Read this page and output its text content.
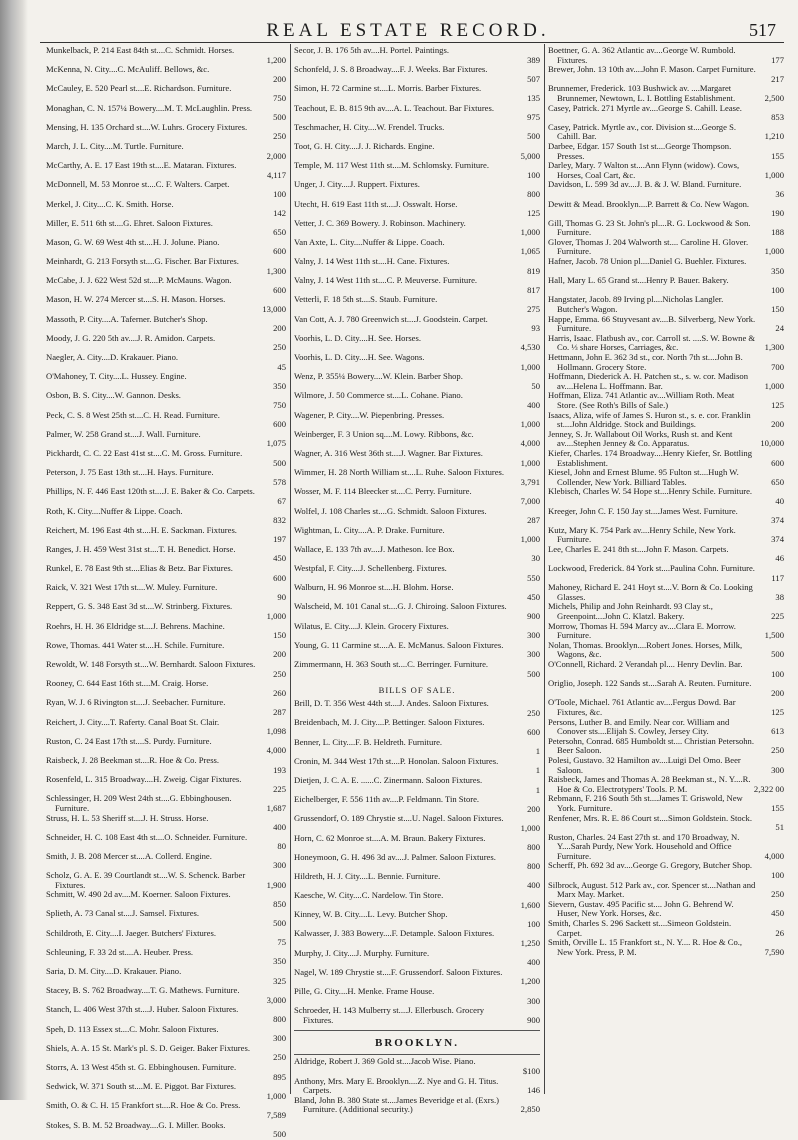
REAL ESTATE RECORD.	517
Munkelback, P. 214 East 84th st....C. Schmidt. Horses.
1,200
McKenna, N. City....C. McAuliff. Bellows, &c.
200
McCauley, E. 520 Pearl st....E. Richardson. Furniture.
750
Monaghan, C. N. 157¼ Bowery....M. T. McLaughlin. Press.
500
Mensing, H. 135 Orchard st....W. Luhrs. Grocery Fixtures.
250
March, J. L. City....M. Turtle. Furniture.
2,000
McCarthy, A. E. 17 East 19th st....E. Mataran. Fixtures.
4,117
McDonnell, M. 53 Monroe st....C. F. Walters. Carpet.
100
Merkel, J. City....C. K. Smith. Horse.
142
Miller, E. 511 6th st....G. Ehret. Saloon Fixtures.
650
Mason, G. W. 69 West 4th st....H. J. Jolune. Piano.
600
Meinhardt, G. 213 Forsyth st....G. Fischer. Bar Fixtures.
1,300
McCabe, J. J. 622 West 52d st....P. McMauns. Wagon.
600
Mason, H. W. 274 Mercer st....S. H. Mason. Horses.
13,000
Massoth, P. City....A. Taferner. Butcher's Shop.
200
Moody, J. G. 220 5th av....J. R. Amidon. Carpets.
250
Naegler, A. City....D. Krakauer. Piano.
45
O'Mahoney, T. City....L. Hussey. Engine.
350
Osbon, B. S. City....W. Gannon. Desks.
750
Peck, C. S. 8 West 25th st....C. H. Read. Furniture.
600
Palmer, W. 258 Grand st....J. Wall. Furniture.
1,075
Pickhardt, C. C. 22 East 41st st....C. M. Gross. Furniture.
500
Peterson, J. 75 East 13th st....H. Hays. Furniture.
578
Phillips, N. F. 446 East 120th st....J. E. Baker & Co. Carpets.
67
Roth, K. City....Nuffer & Lippe. Coach.
832
Reichert, M. 196 East 4th st....H. E. Sackman. Fixtures.
197
Ranges, J. H. 459 West 31st st....T. H. Benedict. Horse.
450
Runkel, E. 78 East 9th st....Elias & Betz. Bar Fixtures.
600
Raick, V. 321 West 17th st....W. Muley. Furniture.
90
Reppert, G. S. 348 East 3d st....W. Strinberg. Fixtures.
1,000
Roehrs, H. H. 36 Eldridge st....J. Behrens. Machine.
150
Rowe, Thomas. 441 Water st....H. Schile. Furniture.
200
Rewoldt, W. 148 Forsyth st....W. Bernhardt. Saloon Fixtures.
250
Rooney, C. 644 East 16th st....M. Craig. Horse.
260
Ryan, W. J. 6 Rivington st....J. Seebacher. Furniture.
287
Reichert, J. City....T. Raferty. Canal Boat St. Clair.
1,098
Ruston, C. 24 East 17th st....S. Purdy. Furniture.
4,000
Raisbeck, J. 28 Beekman st....R. Hoe & Co. Press.
193
Rosenfeld, L. 315 Broadway....H. Zweig. Cigar Fixtures.
225
Schlessinger, H. 209 West 24th st....G. Ebbinghousen. Furniture.	1,687
Struss, H. L. 53 Sheriff st....J. H. Struss. Horse.
400
Schneider, H. C. 108 East 4th st....O. Schneider. Furniture.
80
Smith, J. B. 208 Mercer st....A. Collerd. Engine.
300
Scholz, G. A. E. 39 Courtlandt st....W. S. Schenck. Barber Fixtures.	1,900
Schmitt, W. 490 2d av....M. Koerner. Saloon Fixtures.
850
Splieth, A. 73 Canal st....J. Samsel. Fixtures.
500
Schildroth, E. City....I. Jaeger. Butchers' Fixtures.
75
Schleuning, F. 33 2d st....A. Heuber. Press.
350
Saria, D. M. City....D. Krakauer. Piano.
325
Stacey, B. S. 762 Broadway....T. G. Mathews. Furniture.
3,000
Stanch, L. 406 West 37th st....J. Huber. Saloon Fixtures.
800
Speh, D. 113 Essex st....C. Mohr. Saloon Fixtures.
300
Shiels, A. A. 15 St. Mark's pl. S. D. Geiger. Baker Fixtures.
250
Storrs, A. 13 West 45th st. G. Ebbinghousen. Furniture.
895
Sedwick, W. 371 South st....M. E. Piggot. Bar Fixtures.
1,000
Smith, O. & C. H. 15 Frankfort st....R. Hoe & Co. Press.
7,589
Stokes, S. B. M. 52 Broadway....G. I. Miller. Books.
500
Secor, J. B. 176 5th av....H. Portel. Paintings.
389
Schonfeld, J. S. 8 Broadway....F. J. Weeks. Bar Fixtures.
507
Simon, H. 72 Carmine st....L. Morris. Barber Fixtures.
135
Teachout, E. B. 815 9th av....A. L. Teachout. Bar Fixtures.
975
Teschmacher, H. City....W. Frendel. Trucks.
500
Toot, G. H. City....J. J. Richards. Engine.
5,000
Temple, M. 117 West 11th st....M. Schlomsky. Furniture.
100
Unger, J. City....J. Ruppert. Fixtures.
800
Utecht, H. 619 East 11th st....J. Osswalt. Horse.
125
Vetter, J. C. 369 Bowery. J. Robinson. Machinery.
1,000
Van Axte, L. City....Nuffer & Lippe. Coach.
1,065
Valny, J. 14 West 11th st....H. Cane. Fixtures.
819
Valny, J. 14 West 11th st....C. P. Meuverse. Furniture.
817
Vetterli, F. 18 5th st....S. Staub. Furniture.
275
Van Cott, A. J. 780 Greenwich st....J. Goodstein. Carpet.
93
Voorhis, L. D. City....H. See. Horses.
4,530
Voorhis, L. D. City....H. See. Wagons.
1,000
Wenz, P. 355¼ Bowery....W. Klein. Barber Shop.
50
Wilmore, J. 50 Commerce st....L. Cohane. Piano.
400
Wagener, P. City....W. Piepenbring. Presses.
1,000
Weinberger, F. 3 Union sq....M. Lowy. Ribbons, &c.
4,000
Wagner, A. 316 West 36th st....J. Wagner. Bar Fixtures.
1,000
Wimmer, H. 28 North William st....L. Ruhe. Saloon Fixtures.
3,791
Wosser, M. F. 114 Bleecker st....C. Perry. Furniture.
7,000
Wolfel, J. 108 Charles st....G. Schmidt. Saloon Fixtures.
287
Wightman, L. City....A. P. Drake. Furniture.
1,000
Wallace, E. 133 7th av....J. Matheson. Ice Box.
30
Westpfal, F. City....J. Schellenberg. Fixtures.
550
Walburn, H. 96 Monroe st....H. Blohm. Horse.
450
Walscheid, M. 101 Canal st....G. J. Chiroing. Saloon Fixtures.
900
Wilatus, E. City....J. Klein. Grocery Fixtures.
300
Young, G. 11 Carmine st....A. E. McManus. Saloon Fixtures.
300
Zimmermann, H. 363 South st....C. Berringer. Furniture.
500
BILLS OF SALE.
Brill, D. T. 356 West 44th st....J. Andes. Saloon Fixtures.
250
Breidenbach, M. J. City....P. Bettinger. Saloon Fixtures.
600
Benner, L. City....F. B. Heldreth. Furniture.
1
Cronin, M. 344 West 17th st....P. Honolan. Saloon Fixtures.
1
Dietjen, J. C. A. E. ......C. Zinermann. Saloon Fixtures.
1
Eichelberger, F. 556 11th av....P. Feldmann. Tin Store.
200
Grussendorf, O. 189 Chrystie st....U. Nagel. Saloon Fixtures.
1,000
Horn, C. 62 Monroe st....A. M. Braun. Bakery Fixtures.
800
Honeymoon, G. H. 496 3d av....J. Palmer. Saloon Fixtures.
800
Hildreth, H. J. City....L. Bennie. Furniture.
400
Kaesche, W. City....C. Nardelow. Tin Store.
1,600
Kinney, W. B. City....L. Levy. Butcher Shop.
100
Kalwasser, J. 383 Bowery....F. Detample. Saloon Fixtures.
1,250
Murphy, J. City....J. Murphy. Furniture.
400
Nagel, W. 189 Chrystie st....F. Grussendorf. Saloon Fixtures.
1,200
Pille, G. City....H. Menke. Frame House.
300
Schroeder, H. 143 Mulberry st....J. Ellerbusch. Grocery Fixtures.	900
BROOKLYN.
Aldridge, Robert J. 369 Gold st....Jacob Wise. Piano.
$100
Anthony, Mrs. Mary E. Brooklyn....Z. Nye and G. H. Titus. Carpets.	146
Bland, John B. 380 State st....James Beveridge et al. (Exrs.) Furniture. (Additional security.)	2,850
Boettner, G. A. 362 Atlantic av....George W. Rumbold. Fixtures.	177
Brewer, John. 13 10th av....John F. Mason. Carpet Furniture.
217
Brunnemer, Frederick. 103 Bushwick av. ....Margaret Brunnemer, Newtown, L. I. Bottling Establishment.	2,500
Casey, Patrick. 271 Myrtle av....George S. Cahill. Lease.
853
Casey, Patrick. Myrtle av., cor. Division st....George S. Cahill. Bar.	1,210
Darbee, Edgar. 157 South 1st st....George Thompson. Presses.	155
Darley, Mary. 7 Walton st....Ann Flynn (widow). Cows, Horses, Coal Cart, &c.	1,000
Davidson, L. 599 3d av....J. B. & J. W. Bland. Furniture.
36
Dewitt & Mead. Brooklyn....P. Barrett & Co. New Wagon.
190
Gill, Thomas G. 23 St. John's pl....R. G. Lockwood & Son. Furniture.	188
Glover, Thomas J. 204 Walworth st.... Caroline H. Glover. Furniture.	1,000
Hafner, Jacob. 78 Union pl....Daniel G. Buehler. Fixtures.
350
Hall, Mary L. 65 Grand st....Henry P. Bauer. Bakery.
100
Hangstater, Jacob. 89 Irving pl....Nicholas Langler. Butcher's Wagon.	150
Happe, Emma. 66 Stuyvesant av....B. Silverberg, New York. Furniture.	24
Harris, Isaac. Flatbush av., cor. Carroll st. ....S. W. Bowne & Co. ⅓ share Horses, Carriages, &c.	1,300
Hettmann, John E. 362 3d st., cor. North 7th st....John B. Hollmann. Grocery Store.	700
Hoffmann, Diederick A. H. Patchen st., s. w. cor. Madison av....Helena L. Hoffmann. Bar.	1,000
Hoffman, Eliza. 741 Atlantic av....William Roth. Meat Store. (See Roth's Bills of Sale.)	125
Isaacs, Aliza, wife of James S. Huron st., s. e. cor. Franklin st....John Aldridge. Stock and Buildings.	200
Jenney, S. Jr. Wallabout Oil Works, Rush st. and Kent av....Stephen Jenney & Co. Apparatus.	10,000
Kiefer, Charles. 174 Broadway....Henry Kiefer, Sr. Bottling Establishment.	600
Kiesel, John and Ernest Blume. 95 Fulton st....Hugh W. Collender, New York. Billiard Tables.	650
Klebisch, Charles W. 54 Hope st....Henry Schile. Furniture.
40
Kreeger, John C. F. 150 Jay st....James West. Furniture.
374
Kutz, Mary K. 754 Park av....Henry Schile, New York. Furniture.	374
Lee, Charles E. 241 8th st....John F. Mason. Carpets.
46
Lockwood, Frederick. 84 York st....Paulina Cohn. Furniture.
117
Mahoney, Richard E. 241 Hoyt st....V. Born & Co. Looking Glasses.	38
Michels, Philip and John Reinhardt. 93 Clay st., Greenpoint....John C. Klatzl. Bakery.	225
Morrow, Thomas H. 594 Marcy av....Clara E. Morrow. Furniture.	1,500
Nolan, Thomas. Brooklyn....Robert Jones. Horses, Milk, Wagons, &c.	500
O'Connell, Richard. 2 Verandah pl.... Henry Devlin. Bar.
100
Origlio, Joseph. 122 Sands st....Sarah A. Reuten. Furniture.
200
O'Toole, Michael. 761 Atlantic av....Fergus Dowd. Bar Fixtures, &c.	125
Persons, Luther B. and Emily. Near cor. William and Conover sts....Elijah S. Cowley, Jersey City.	613
Petersohn, Conrad. 685 Humboldt st.... Christian Petersohn. Beer Saloon.	250
Polesi, Gustavo. 32 Hamilton av....Luigi Del Omo. Beer Saloon.	300
Raisbeck, James and Thomas A. 28 Beekman st., N. Y....R. Hoe & Co. Electrotypers' Tools. P. M.	2,322 00
Rebmann, F. 216 South 5th st....James T. Griswold, New York. Furniture.	155
Renfener, Mrs. R. E. 86 Court st....Simon Goldstein. Stock.
51
Ruston, Charles. 24 East 27th st. and 170 Broadway, N. Y....Sarah Purdy, New York. Household and Office Furniture.	4,000
Scherff, Ph. 692 3d av....George G. Gregory, Butcher Shop.
100
Silbrock, August. 512 Park av., cor. Spencer st....Nathan and Marx May. Market.	250
Sievern, Gustav. 495 Pacific st.... John G. Behrend W. Huser, New York. Horses, &c.	450
Smith, Charles S. 296 Sackett st....Simeon Goldstein. Carpet.	26
Smith, Orville L. 15 Frankfort st., N. Y.... R. Hoe & Co., New York. Press, P. M.	7,590
